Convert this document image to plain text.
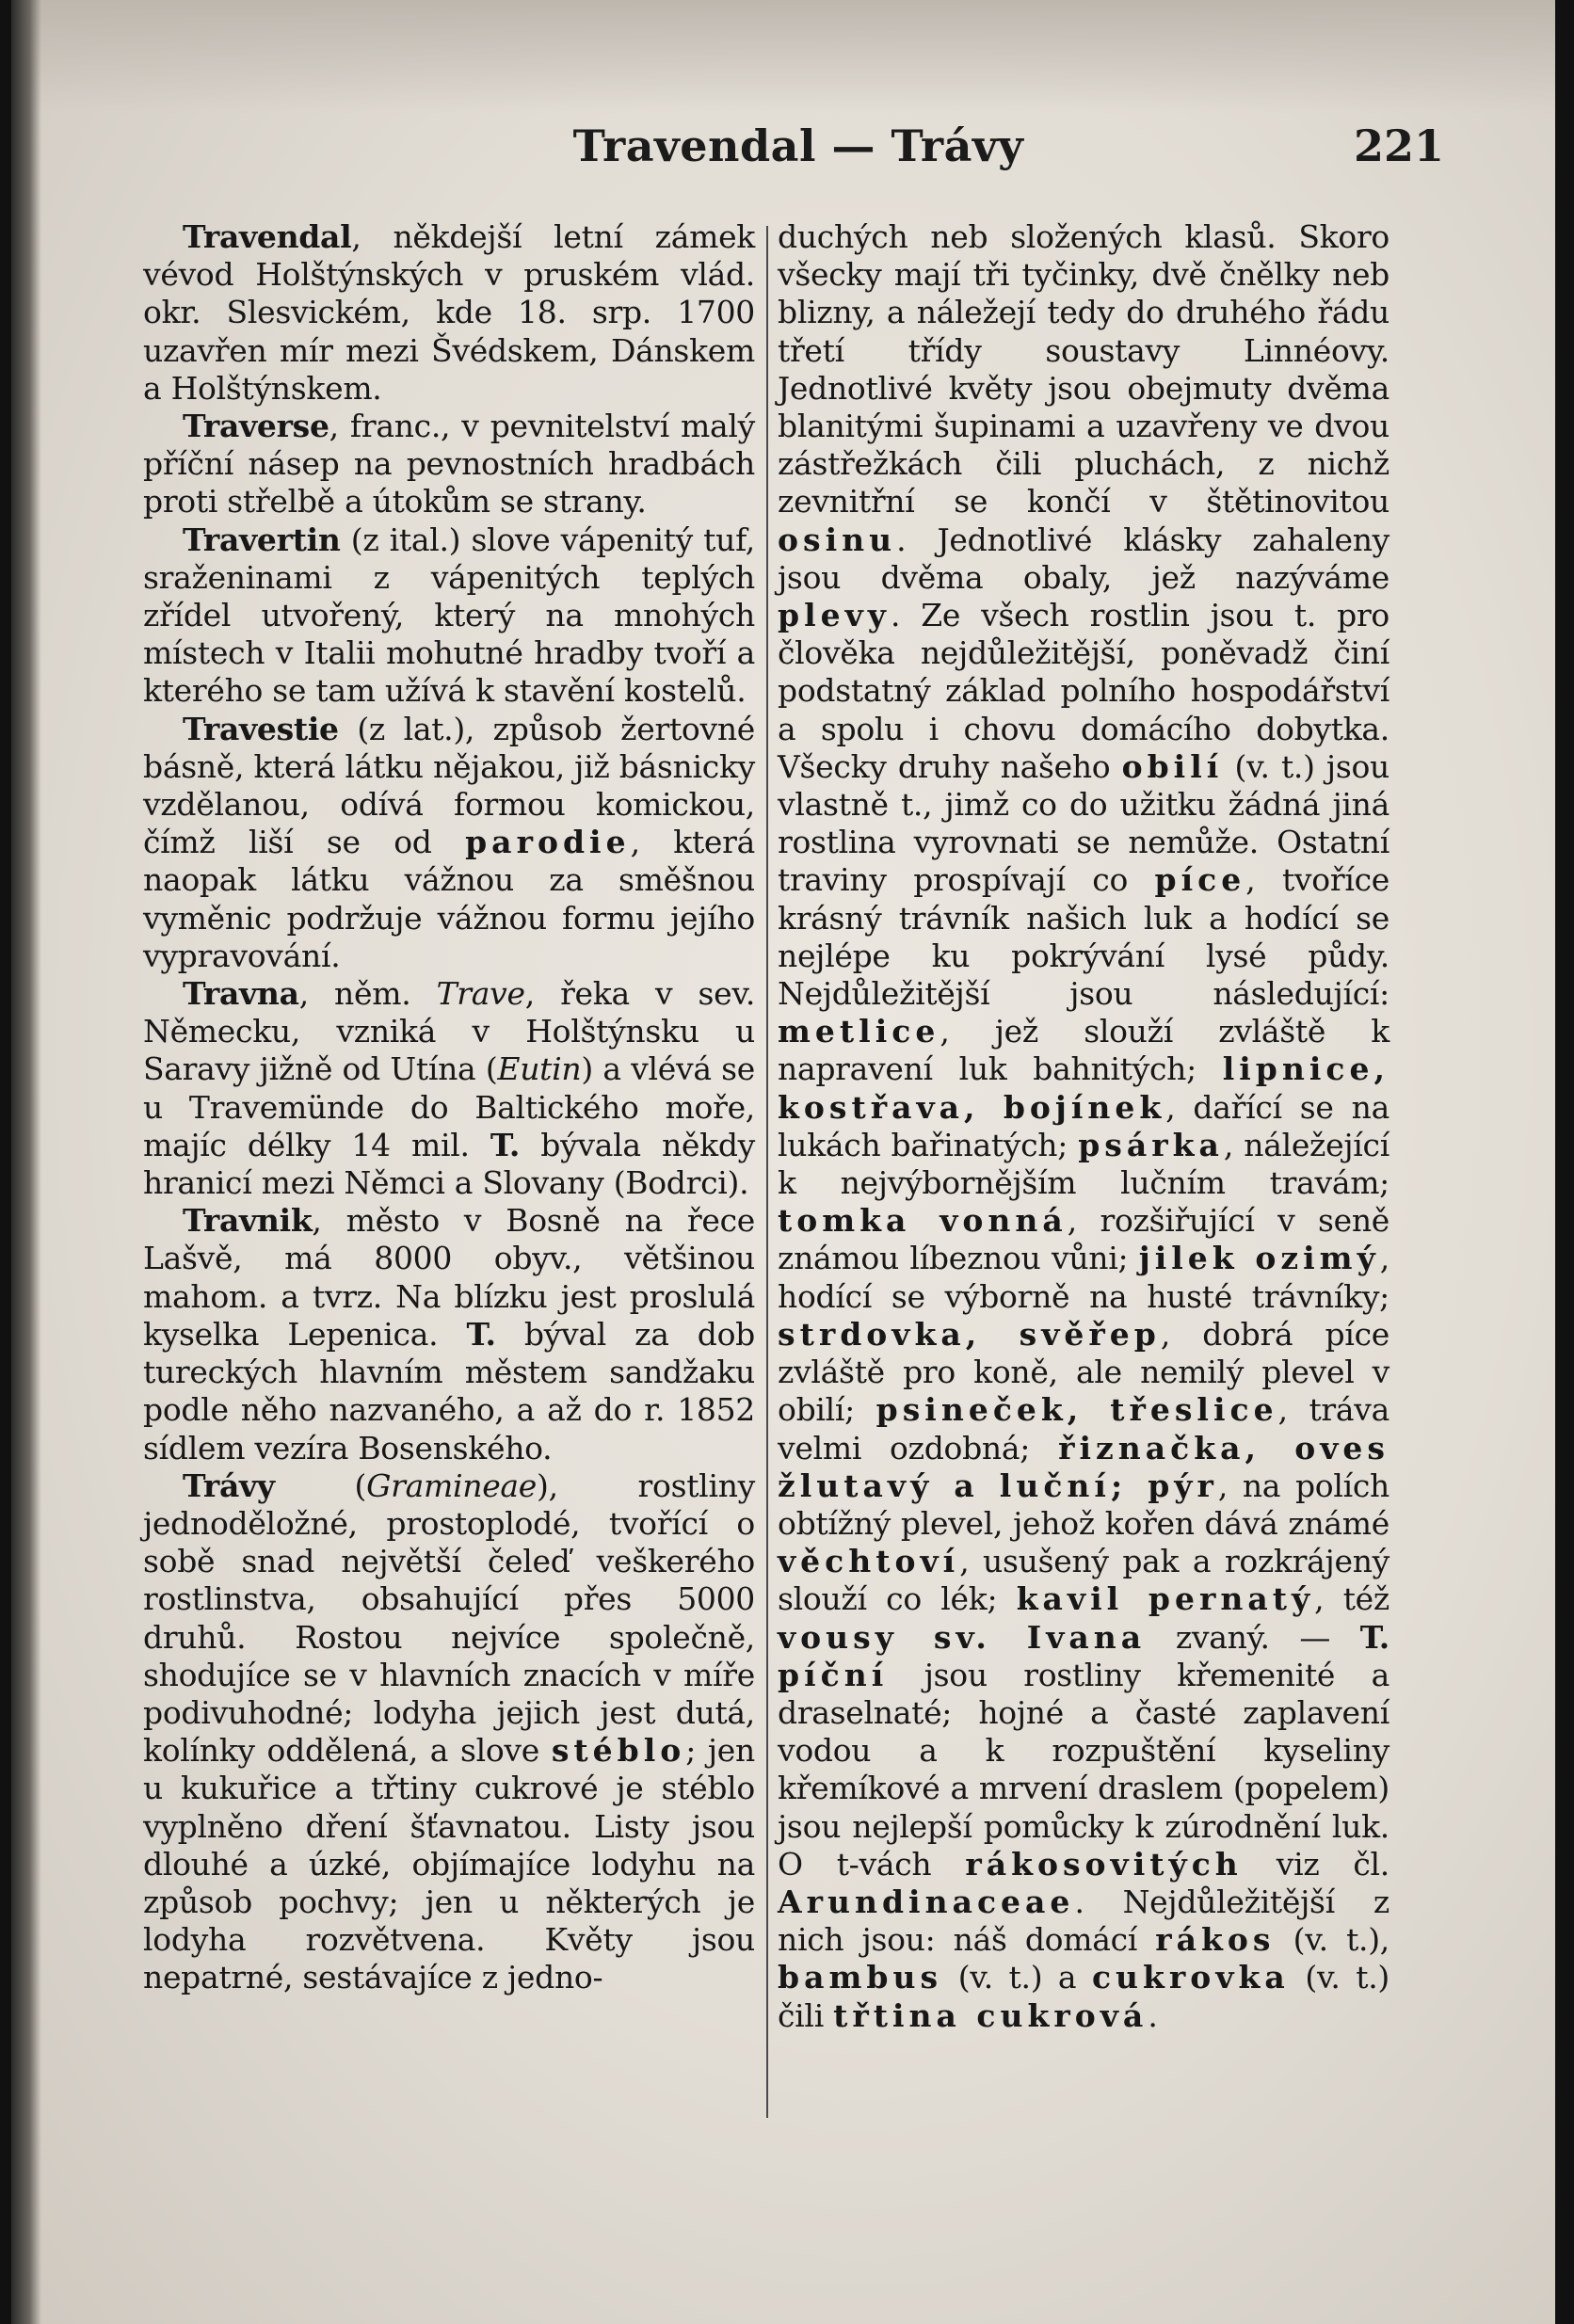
Travendal — Trávy	221

Travendal, někdejší letní zámek vévod Holštýnských v pruském vlád. okr. Slesvickém, kde 18. srp. 1700 uzavřen mír mezi Švédskem, Dánskem a Holštýnskem.

Traverse, franc., v pevnitelství malý příční násep na pevnostních hradbách proti střelbě a útokům se strany.

Travertin (z ital.) slove vápenitý tuf, sraženinami z vápenitých teplých zřídel utvořený, který na mnohých místech v Italii mohutné hradby tvoří a kterého se tam užívá k stavění kostelů.

Travestie (z lat.), způsob žertovné básně, která látku nějakou, již básnicky vzdělanou, odívá formou komickou, čímž liší se od parodie, která naopak látku vážnou za směšnou vyměnic podržuje vážnou formu jejího vypravování.

Travna, něm. Trave, řeka v sev. Německu, vzniká v Holštýnsku u Saravy jižně od Utína (Eutin) a vlévá se u Travemünde do Baltického moře, majíc délky 14 mil. T. bývala někdy hranicí mezi Němci a Slovany (Bodrci).

Travnik, město v Bosně na řece Lašvě, má 8000 obyv., většinou mahom. a tvrz. Na blízku jest proslulá kyselka Lepenica. T. býval za dob tureckých hlavním městem sandžaku podle něho nazvaného, a až do r. 1852 sídlem vezíra Bosenského.

Trávy (Gramineae), rostliny jednoděložné, prostoplodé, tvořící o sobě snad největší čeleď veškerého rostlinstva, obsahující přes 5000 druhů. Rostou nejvíce společně, shodujíce se v hlavních znacích v míře podivuhodné; lodyha jejich jest dutá, kolínky oddělená, a slove stéblo; jen u kukuřice a třtiny cukrové je stéblo vyplněno dření šťavnatou. Listy jsou dlouhé a úzké, objímajíce lodyhu na způsob pochvy; jen u některých je lodyha rozvětvena. Květy jsou nepatrné, sestávajíce z jedno-

duchých neb složených klasů. Skoro všecky mají tři tyčinky, dvě čnělky neb blizny, a náležejí tedy do druhého řádu třetí třídy soustavy Linnéovy. Jednotlivé květy jsou obejmuty dvěma blanitými šupinami a uzavřeny ve dvou zástřežkách čili pluchách, z nichž zevnitřní se končí v štětinovitou osinu. Jednotlivé klásky zahaleny jsou dvěma obaly, jež nazýváme plevy. Ze všech rostlin jsou t. pro člověka nejdůležitější, poněvadž činí podstatný základ polního hospodářství a spolu i chovu domácího dobytka. Všecky druhy našeho obilí (v. t.) jsou vlastně t., jimž co do užitku žádná jiná rostlina vyrovnati se nemůže. Ostatní traviny prospívají co píce, tvoříce krásný trávník našich luk a hodící se nejlépe ku pokrývání lysé půdy. Nejdůležitější jsou následující: metlice, jež slouží zvláště k napravení luk bahnitých; lipnice, kostřava, bojínek, dařící se na lukách bařinatých; psárka, náležející k nejvýbornějším lučním travám; tomka vonná, rozšiřující v seně známou líbeznou vůni; jilek ozimý, hodící se výborně na husté trávníky; strdovka, svěřep, dobrá píce zvláště pro koně, ale nemilý plevel v obilí; psineček, třeslice, tráva velmi ozdobná; řiznačka, oves žlutavý a luční; pýr, na polích obtížný plevel, jehož kořen dává známé věchtoví, usušený pak a rozkrájený slouží co lék; kavil pernatý, též vousy sv. Ivana zvaný. — T. píční jsou rostliny křemenité a draselnaté; hojné a časté zaplavení vodou a k rozpuštění kyseliny křemíkové a mrvení draslem (popelem) jsou nejlepší pomůcky k zúrodnění luk. O t-vách rákosovitých viz čl. Arundinaceae. Nejdůležitější z nich jsou: náš domácí rákos (v. t.), bambus (v. t.) a cukrovka (v. t.) čili třtina cukrová.
